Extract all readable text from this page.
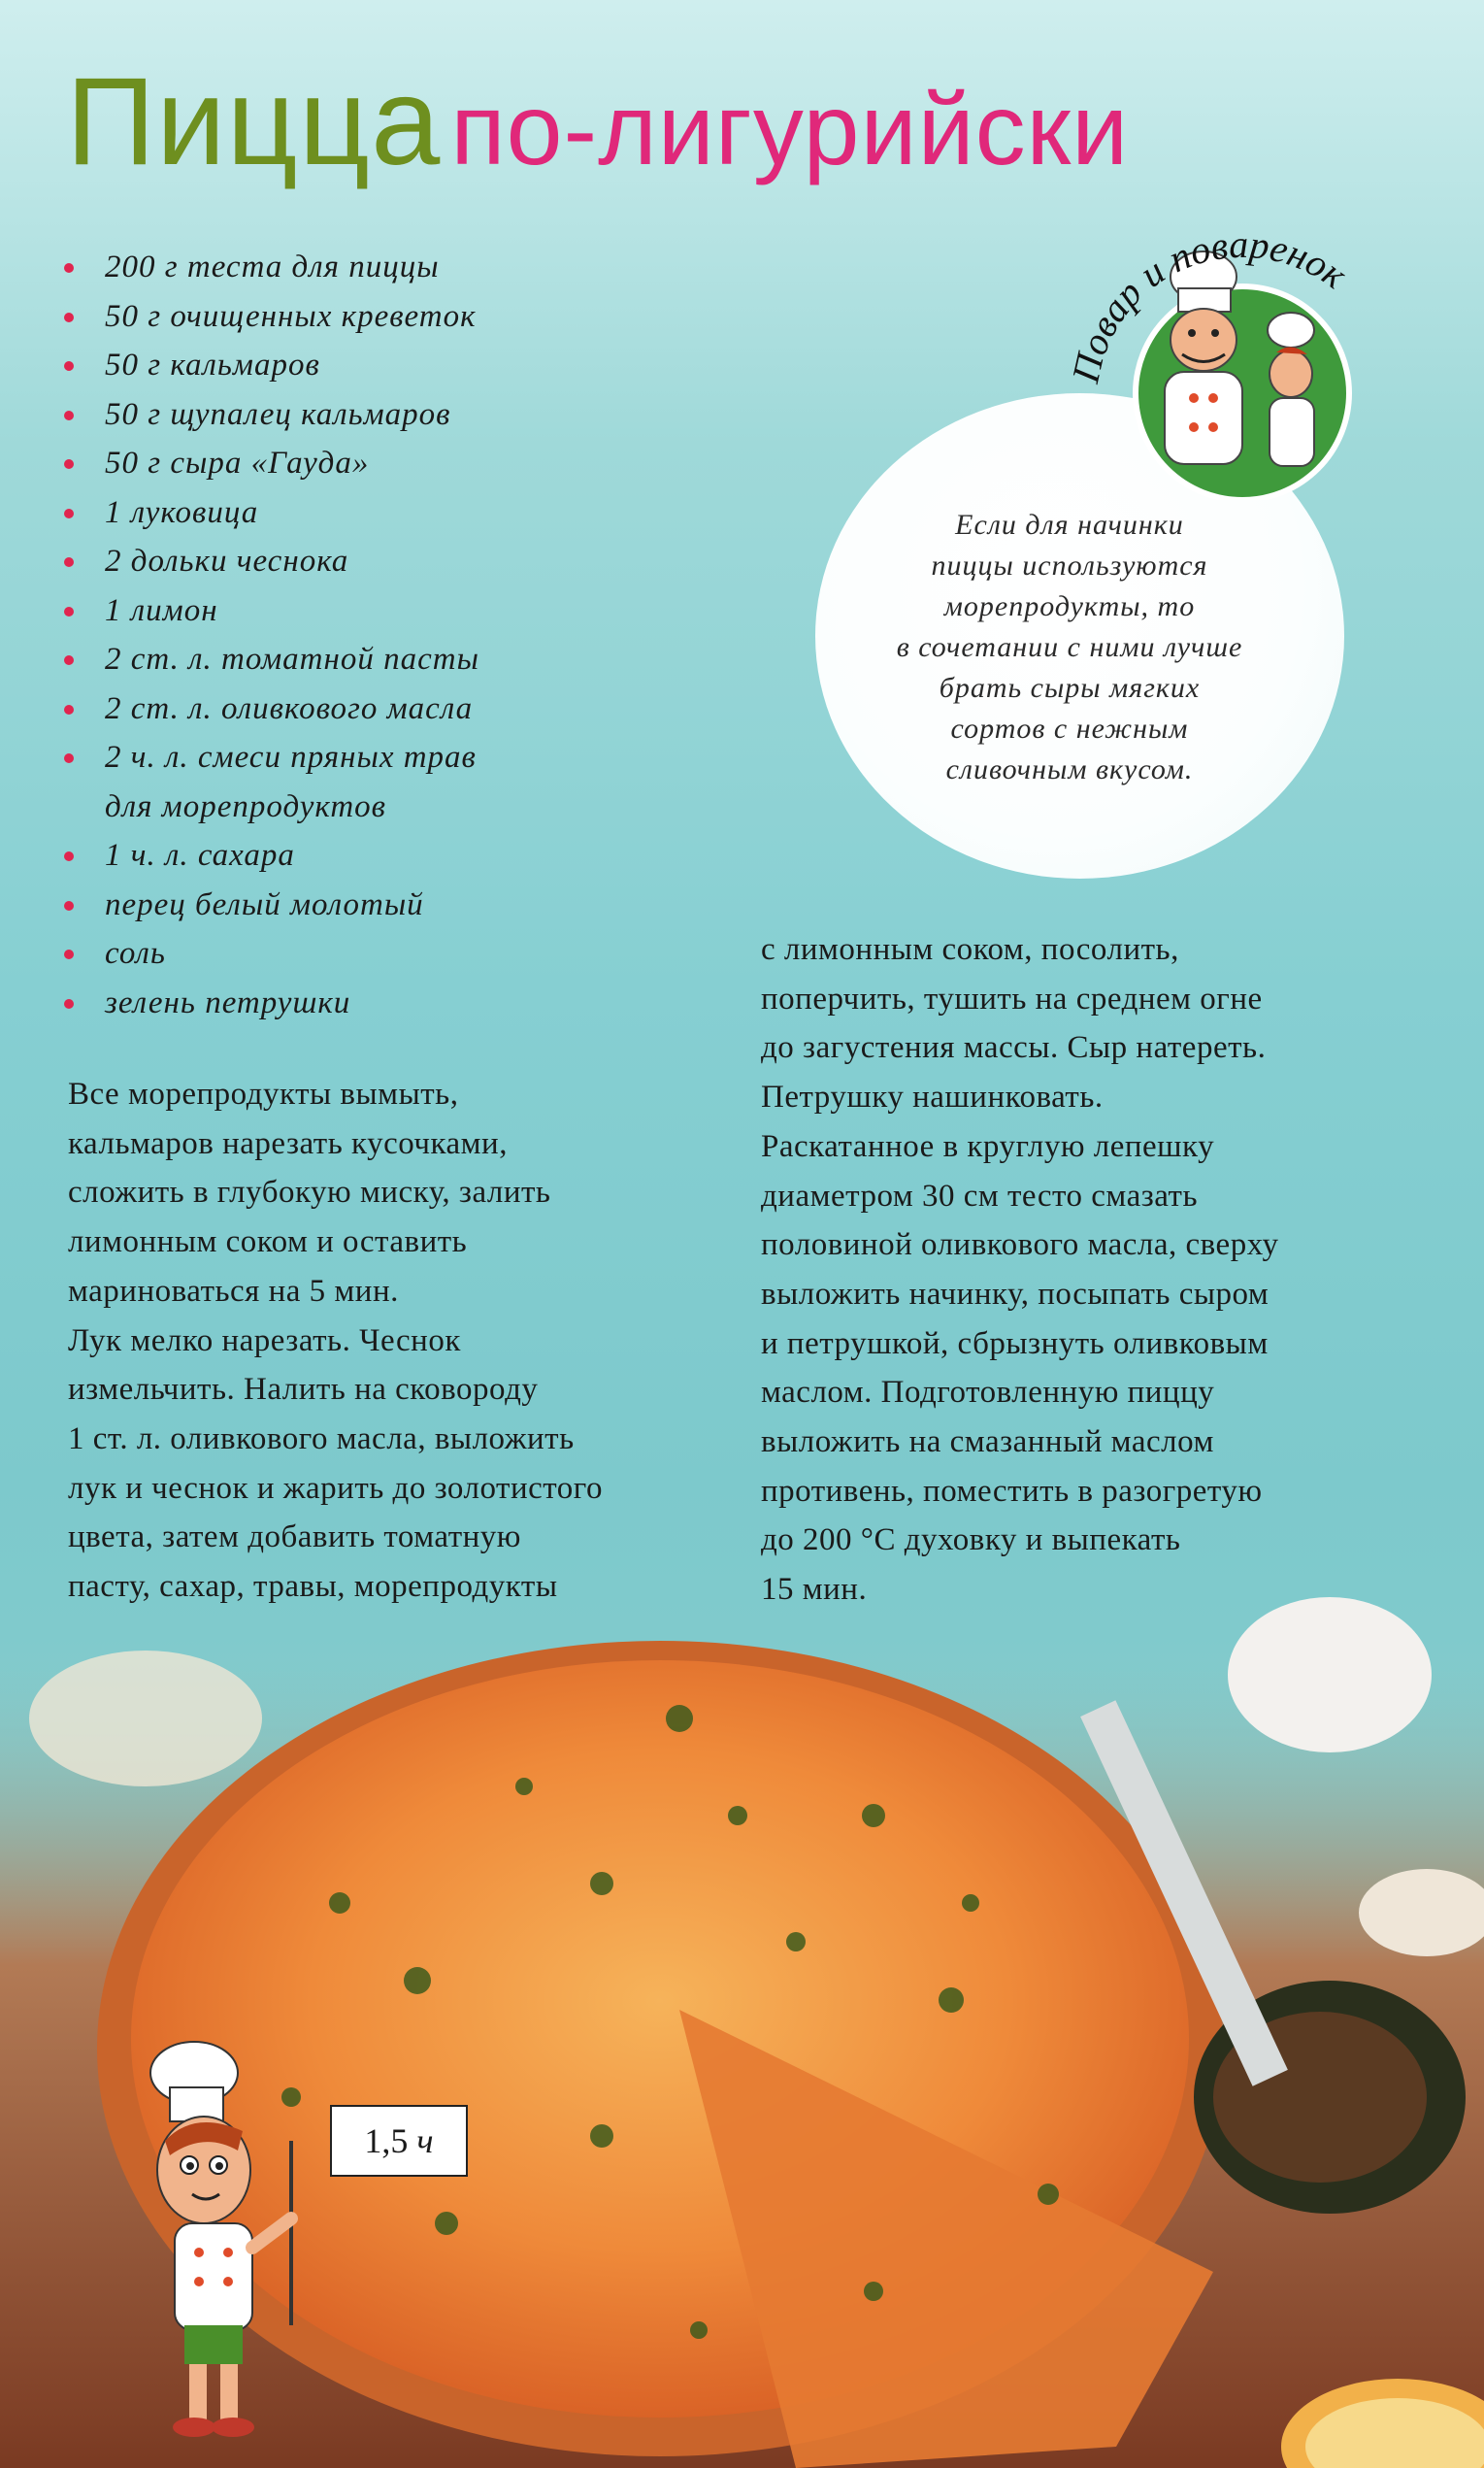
Пиццапо-лигурийски
200 г теста для пиццы
50 г очищенных креветок
50 г кальмаров
50 г щупалец кальмаров
50 г сыра «Гауда»
1 луковица
2 дольки чеснока
1 лимон
2 ст. л. томатной пасты
2 ст. л. оливкового масла
2 ч. л. смеси пряных трав
для морепродуктов
1 ч. л. сахара
перец белый молотый
соль
зелень петрушки
Если для начинки
пиццы используются
морепродукты, то
в сочетании с ними лучше
брать сыры мягких
сортов с нежным
сливочным вкусом.
Повар и поваренок

Все морепродукты вымыть,

кальмаров нарезать кусочками,

сложить в глубокую миску, залить

лимонным соком и оставить

мариноваться на 5 мин.

Лук мелко нарезать. Чеснок

измельчить. Налить на сковороду

1 ст. л. оливкового масла, выложить

лук и чеснок и жарить до золотистого

цвета, затем добавить томатную

пасту, сахар, травы, морепродукты

с лимонным соком, посолить,

поперчить, тушить на среднем огне

до загустения массы. Сыр натереть.

Петрушку нашинковать.

Раскатанное в круглую лепешку

диаметром 30 см тесто смазать

половиной оливкового масла, сверху

выложить начинку, посыпать сыром

и петрушкой, сбрызнуть оливковым

маслом. Подготовленную пиццу

выложить на смазанный маслом

противень, поместить в разогретую

до 200 °С духовку и выпекать

15 мин.

1,5
ч
